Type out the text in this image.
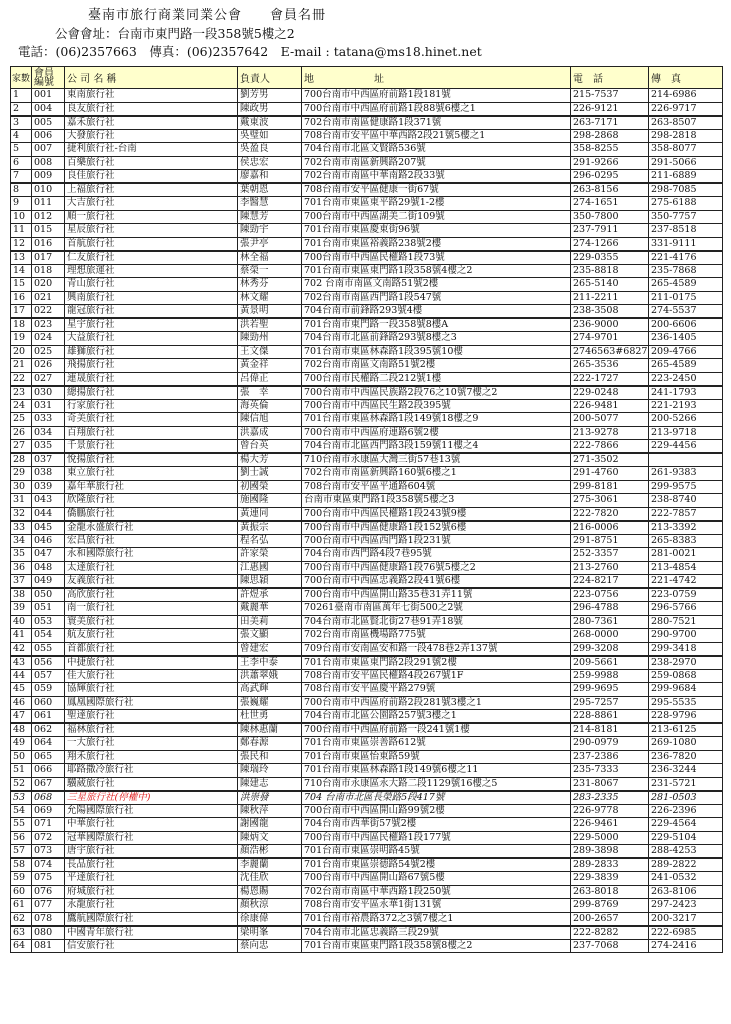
臺南市旅行商業同業公會　　會員名冊
公會會址：台南市東門路一段358號5樓之2
電話：(06)2357663　傳真：(06)2357642　E-mail : tatana@ms18.hinet.net
家數	會員
編號	公 司 名 稱	負責人	地　　　　　　址	電　話	傳　真
1	001	東南旅行社	劉芳男	700台南市中西區府前路1段181號	215-7537	214-6986
2	004	良友旅行社	陳政男	700台南市中西區府前路1段88號6樓之1	226-9121	226-9717
3	005	嘉禾旅行社	戴東波	702台南市南區健康路1段371號	263-7171	263-8507
4	006	大發旅行社	吳璧如	708台南市安平區中華西路2段21號5樓之1	298-2868	298-2818
5	007	捷利旅行社-台南	吳盈良	704台南市北區文賢路536號	358-8255	358-8077
6	008	百樂旅行社	侯忠宏	702台南市南區新興路207號	291-9266	291-5066
7	009	良佳旅行社	廖嘉和	702台南市南區中華南路2段33號	296-0295	211-6889
8	010	上福旅行社	葉朝恩	708台南市安平區健康一街67號	263-8156	298-7085
9	011	大吉旅行社	李醫慧	701台南市東區東平路29號1-2樓	274-1651	275-6188
10	012	順一旅行社	陳慧芳	700台南市中西區湖美二街109號	350-7800	350-7757
11	015	星辰旅行社	陳勁宇	701台南市東區慶東街96號	237-7911	237-8518
12	016	首航旅行社	張尹亭	701台南市東區裕義路238號2樓	274-1266	331-9111
13	017	仁友旅行社	林全福	700台南市中西區民權路1段73號	229-0355	221-4176
14	018	理想旅運社	蔡榮一	701台南市東區東門路1段358號4樓之2	235-8818	235-7868
15	020	青山旅行社	林秀芬	702 台南市南區文南路51號2樓	265-5140	265-4589
16	021	興南旅行社	林文耀	702台南市南區西門路1段547號	211-2211	211-0175
17	022	龍冠旅行社	黃景明	704台南市前鋒路293號4樓	238-3508	274-5537
18	023	星宇旅行社	洪若聖	701台南市東門路一段358號8樓A	236-9000	200-6606
19	024	大益旅行社	陳勁州	704台南市北區前鋒路293號8樓之3	274-9701	236-1405
20	025	雄獅旅行社	王文傑	701台南市東區林森路1段395號10樓	2746563#6827	209-4766
21	026	飛揚旅行社	黃金祥	702台南市南區文南路51號2樓	265-3536	265-4589
22	027	連晟旅行社	呂偉正	700台南市民權路二段212號1樓	222-1727	223-2450
23	030	總揚旅行社	張　幸	700台南市中西區民族路2段76之10號7樓之2	229-0248	241-1793
24	031	行家旅行社	海英倫	700台南市中西區民生路2段395號	226-9481	221-2193
25	033	奇美旅行社	陳信旭	701台南市東區林森路1段149號18樓之9	200-5077	200-5266
26	034	百翔旅行社	洪嘉成	700台南市中西區府連路6號2樓	213-9278	213-9718
27	035	千景旅行社	曾台英	704台南市北區西門路3段159號11樓之4	222-7866	229-4456
28	037	悅揚旅行社	楊大芳	710台南市永康區大灣三街57巷13號	271-3502	
29	038	東立旅行社	劉士誠	702台南市南區新興路160號6樓之1	291-4760	261-9383
30	039	嘉年華旅行社	初國榮	708台南市安平區平通路604號	299-8181	299-9575
31	043	欣隆旅行社	施國隆	台南市東區東門路1段358號5樓之3	275-3061	238-8740
32	044	僑鵬旅行社	黃連同	700台南市中西區民權路1段243號9樓	222-7820	222-7857
33	045	金龍永盛旅行社	黃振宗	700台南市中西區健康路1段152號6樓	216-0006	213-3392
34	046	宏昌旅行社	程名弘	700台南市中西區西門路1段231號	291-8751	265-8383
35	047	永和國際旅行社	許家榮	704台南市西門路4段7巷95號	252-3357	281-0021
36	048	太達旅行社	江惠國	700台南市中西區健康路1段76號5樓之2	213-2760	213-4854
37	049	友義旅行社	陳思穎	700台南市中西區忠義路2段41號6樓	224-8217	221-4742
38	050	高欣旅行社	許煜承	700台南市中西區開山路35巷31弄11號	223-0756	223-0759
39	051	南一旅行社	戴麗華	70261臺南市南區萬年七街500之2號	296-4788	296-5766
40	053	寰美旅行社	田美莉	704台南市北區賢北街27巷91弄18號	280-7361	280-7521
41	054	航友旅行社	張文顯	702台南市南區機場路775號	268-0000	290-9700
42	055	首都旅行社	曾建宏	709台南市安南區安和路一段478巷2弄137號	299-3208	299-3418
43	056	中捷旅行社	王李中泰	701台南市東區東門路2段291號2樓	209-5661	238-2970
44	057	佳大旅行社	洪蕭翠娥	708台南市安平區民權路4段267號1F	259-9988	259-0868
45	059	協輝旅行社	高武輝	708台南市安平區慶平路279號	299-9695	299-9684
46	060	鳳凰國際旅行社	張巍耀	700台南市中西區府前路2段281號3樓之1	295-7257	295-5535
47	061	聖達旅行社	杜世勇	704台南市北區公園路257號3樓之1	228-8861	228-9796
48	062	福林旅行社	陳林惠蘭	700台南市中西區府前路一段241號1樓	214-8181	213-6125
49	064	一大旅行社	鄭春源	701台南市東區崇善路612號	290-0979	269-1080
50	065	翔禾旅行社	張民和	701台南市東區怡東路59號	237-2386	236-7820
51	066	耶路撒冷旅行社	陳瑞玲	701台南市東區林森路1段149號6樓之11	235-7333	236-3244
52	067	驥葳旅行社	陳建志	710台南市永康區永大路二段1129號16樓之5	231-8067	231-5721
53	068	三星旅行社(停權中)	洪崇發	704 台南市北區長榮路5段417號	283-2335	281-0503
54	069	允陽國際旅行社	陳秋萍	700台南市中西區開山路99號2樓	226-9778	226-2396
55	071	中華旅行社	謝國龍	704台南市西華街57號2樓	226-9461	229-4564
56	072	冠華國際旅行社	陳炳文	700台南市中西區民權路1段177號	229-5000	229-5104
57	073	唐宇旅行社	顏浩彬	701台南市東區崇明路45號	289-3898	288-4253
58	074	長品旅行社	李麗蘭	701台南市東區崇德路54號2樓	289-2833	289-2822
59	075	平達旅行社	沈佳欣	700台南市中西區開山路67號5樓	229-3839	241-0532
60	076	府城旅行社	楊恩賜	702台南市南區中華西路1段250號	263-8018	263-8106
61	077	永龍旅行社	顏秋涼	708台南市安平區永華1街131號	299-8769	297-2423
62	078	鷹航國際旅行社	徐康偉	701台南市裕農路372之3號7樓之1	200-2657	200-3217
63	080	中國青年旅行社	梁明峯	704台南市北區忠義路三段29號	222-8282	222-6985
64	081	信安旅行社	蔡向忠	701台南市東區東門路1段358號8樓之2	237-7068	274-2416
